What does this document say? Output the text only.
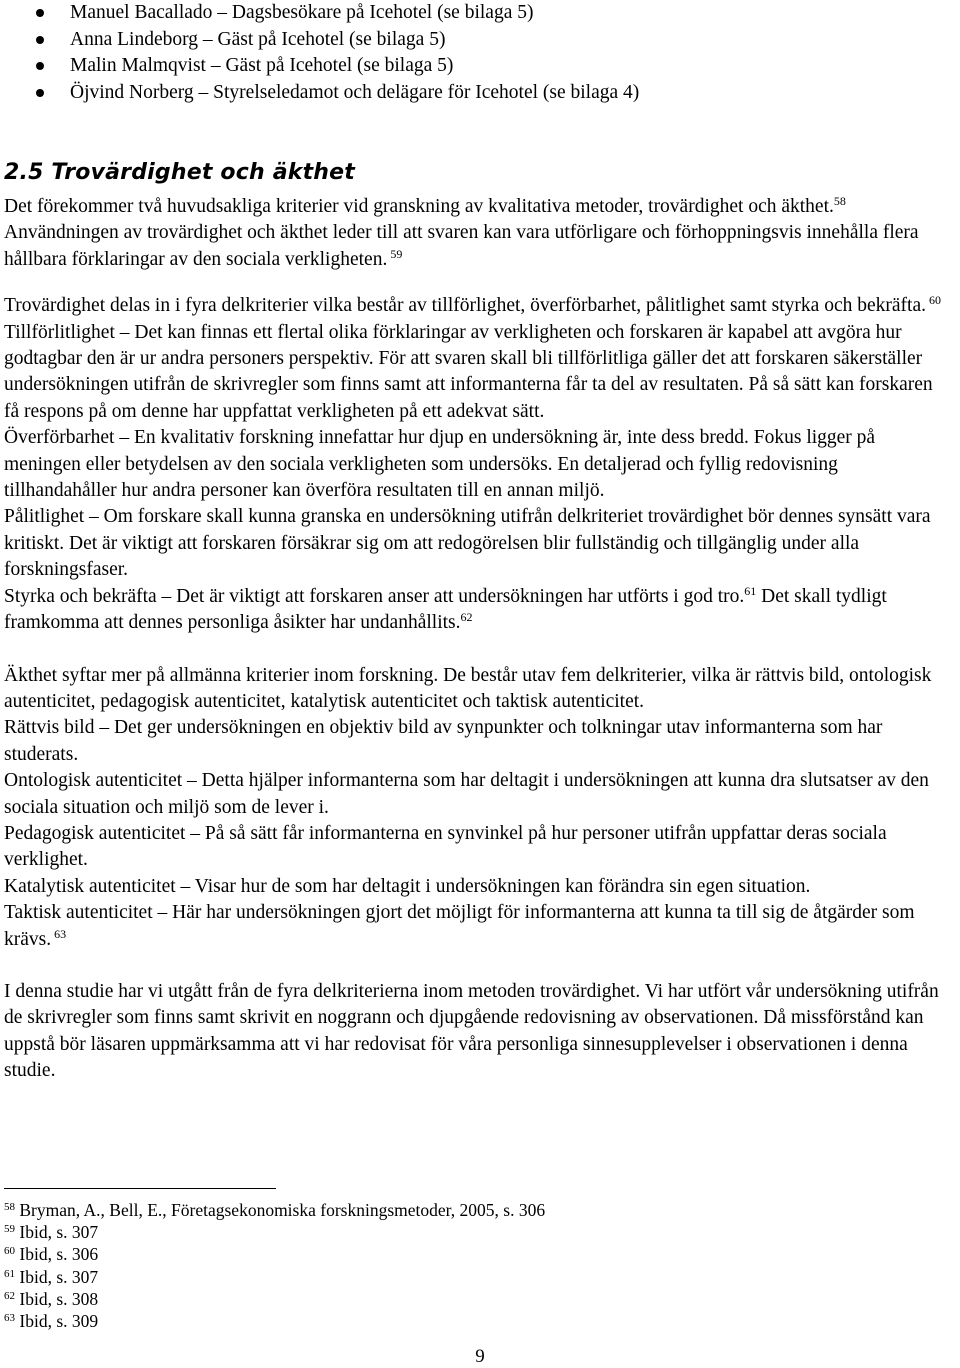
Manuel Bacallado – Dagsbesökare på Icehotel (se bilaga 5)
Anna Lindeborg – Gäst på Icehotel (se bilaga 5)
Malin Malmqvist – Gäst på Icehotel (se bilaga 5)
Öjvind Norberg – Styrelseledamot och delägare för Icehotel (se bilaga 4)
2.5 Trovärdighet och äkthet

Det förekommer två huvudsakliga kriterier vid granskning av kvalitativa metoder, trovärdighet och äkthet.$^{58}$ Användningen av trovärdighet och äkthet leder till att svaren kan vara utförligare och förhoppningsvis innehålla flera hållbara förklaringar av den sociala verkligheten. $^{59}$

Trovärdighet delas in i fyra delkriterier vilka består av tillförlighet, överförbarhet, pålitlighet samt styrka och bekräfta. $^{60}$

Tillförlitlighet – Det kan finnas ett flertal olika förklaringar av verkligheten och forskaren är kapabel att avgöra hur godtagbar den är ur andra personers perspektiv. För att svaren skall bli tillförlitliga gäller det att forskaren säkerställer undersökningen utifrån de skrivregler som finns samt att informanterna får ta del av resultaten. På så sätt kan forskaren få respons på om denne har uppfattat verkligheten på ett adekvat sätt.

Överförbarhet – En kvalitativ forskning innefattar hur djup en undersökning är, inte dess bredd. Fokus ligger på meningen eller betydelsen av den sociala verkligheten som undersöks. En detaljerad och fyllig redovisning tillhandahåller hur andra personer kan överföra resultaten till en annan miljö.

Pålitlighet – Om forskare skall kunna granska en undersökning utifrån delkriteriet trovärdighet bör dennes synsätt vara kritiskt. Det är viktigt att forskaren försäkrar sig om att redogörelsen blir fullständig och tillgänglig under alla forskningsfaser.

Styrka och bekräfta – Det är viktigt att forskaren anser att undersökningen har utförts i god tro.$^{61}$ Det skall tydligt framkomma att dennes personliga åsikter har undanhållits.$^{62}$

Äkthet syftar mer på allmänna kriterier inom forskning. De består utav fem delkriterier, vilka är rättvis bild, ontologisk autenticitet, pedagogisk autenticitet, katalytisk autenticitet och taktisk autenticitet.

Rättvis bild – Det ger undersökningen en objektiv bild av synpunkter och tolkningar utav informanterna som har studerats.

Ontologisk autenticitet – Detta hjälper informanterna som har deltagit i undersökningen att kunna dra slutsatser av den sociala situation och miljö som de lever i.

Pedagogisk autenticitet – På så sätt får informanterna en synvinkel på hur personer utifrån uppfattar deras sociala verklighet.

Katalytisk autenticitet – Visar hur de som har deltagit i undersökningen kan förändra sin egen situation.

Taktisk autenticitet – Här har undersökningen gjort det möjligt för informanterna att kunna ta till sig de åtgärder som krävs. $^{63}$

I denna studie har vi utgått från de fyra delkriterierna inom metoden trovärdighet. Vi har utfört vår undersökning utifrån de skrivregler som finns samt skrivit en noggrann och djupgående redovisning av observationen. Då missförstånd kan uppstå bör läsaren uppmärksamma att vi har redovisat för våra personliga sinnesupplevelser i observationen i denna studie.

$^{58}$ Bryman, A., Bell, E., Företagsekonomiska forskningsmetoder, 2005, s. 306
$^{59}$ Ibid, s. 307
$^{60}$ Ibid, s. 306
$^{61}$ Ibid, s. 307
$^{62}$ Ibid, s. 308
$^{63}$ Ibid, s. 309
9
